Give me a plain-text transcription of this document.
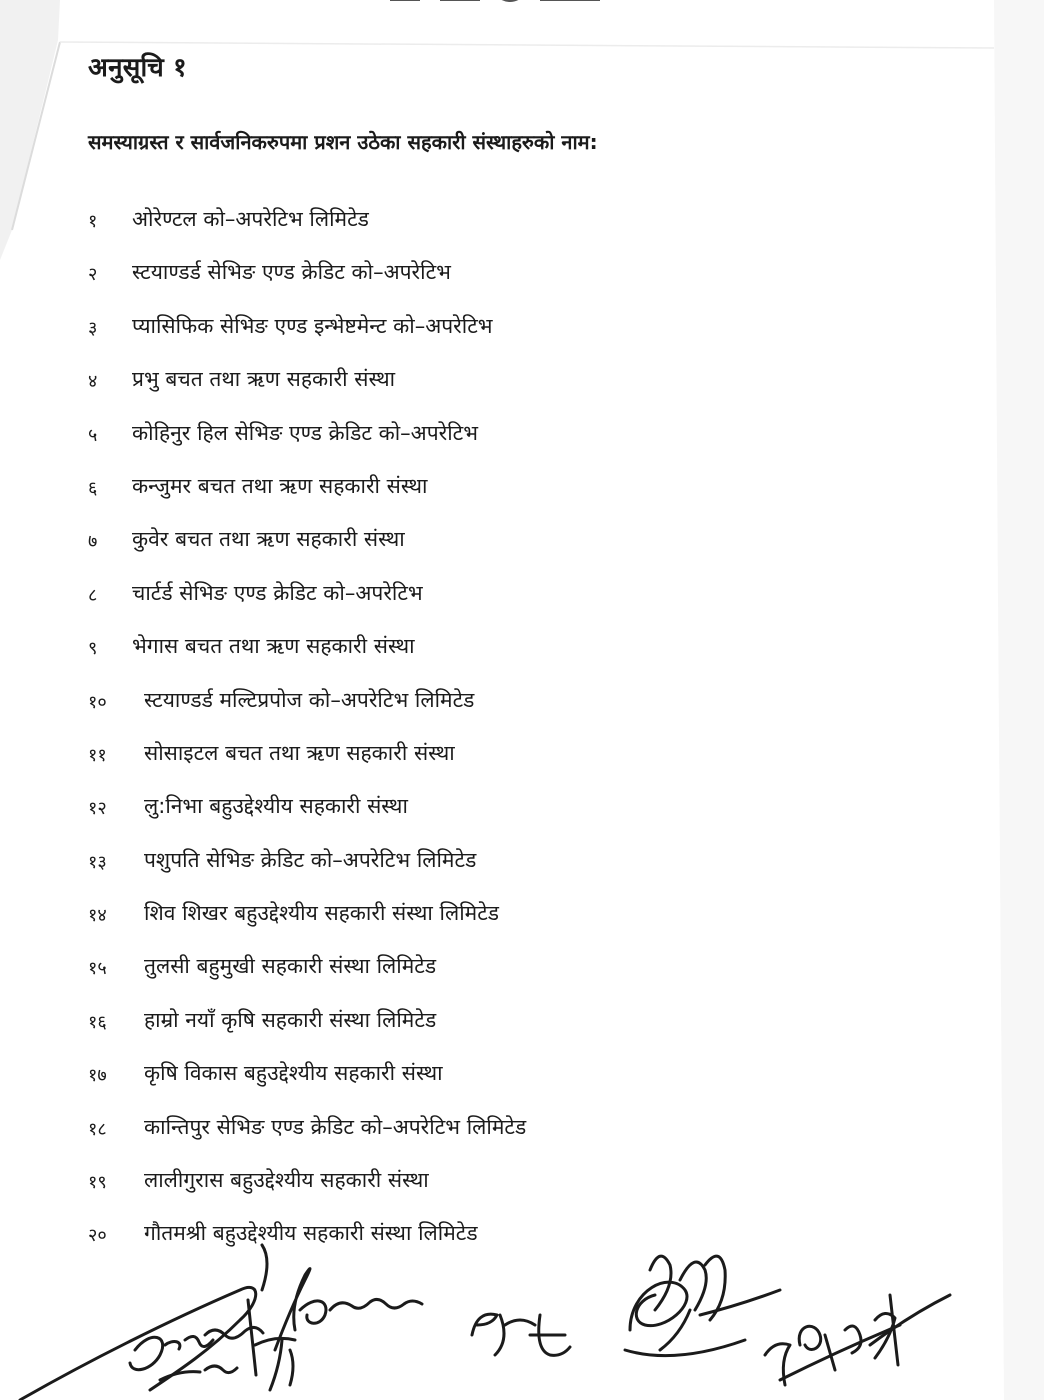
अनुसूचि १
समस्याग्रस्त र सार्वजनिकरुपमा प्रशन उठेका सहकारी संस्थाहरुको नाम:
१	ओरेण्टल को–अपरेटिभ लिमिटेड
२	स्टयाण्डर्ड सेभिङ एण्ड क्रेडिट को–अपरेटिभ
३	प्यासिफिक सेभिङ एण्ड इन्भेष्टमेन्ट को–अपरेटिभ
४	प्रभु बचत तथा ऋण सहकारी संस्था
५	कोहिनुर हिल सेभिङ एण्ड क्रेडिट को–अपरेटिभ
६	कन्जुमर बचत तथा ऋण सहकारी संस्था
७	कुवेर बचत तथा ऋण सहकारी संस्था
८	चार्टर्ड सेभिङ एण्ड क्रेडिट को–अपरेटिभ
९	भेगास बचत तथा ऋण सहकारी संस्था
१०	स्टयाण्डर्ड मल्टिप्रपोज को–अपरेटिभ लिमिटेड
११	सोसाइटल बचत तथा ऋण सहकारी संस्था
१२	लु:निभा बहुउद्देश्यीय सहकारी संस्था
१३	पशुपति सेभिङ क्रेडिट को–अपरेटिभ लिमिटेड
१४	शिव शिखर बहुउद्देश्यीय सहकारी संस्था लिमिटेड
१५	तुलसी बहुमुखी सहकारी संस्था लिमिटेड
१६	हाम्रो नयाँ कृषि सहकारी संस्था लिमिटेड
१७	कृषि विकास बहुउद्देश्यीय सहकारी संस्था
१८	कान्तिपुर सेभिङ एण्ड क्रेडिट को–अपरेटिभ लिमिटेड
१९	लालीगुरास बहुउद्देश्यीय सहकारी संस्था
२०	गौतमश्री बहुउद्देश्यीय सहकारी संस्था लिमिटेड
